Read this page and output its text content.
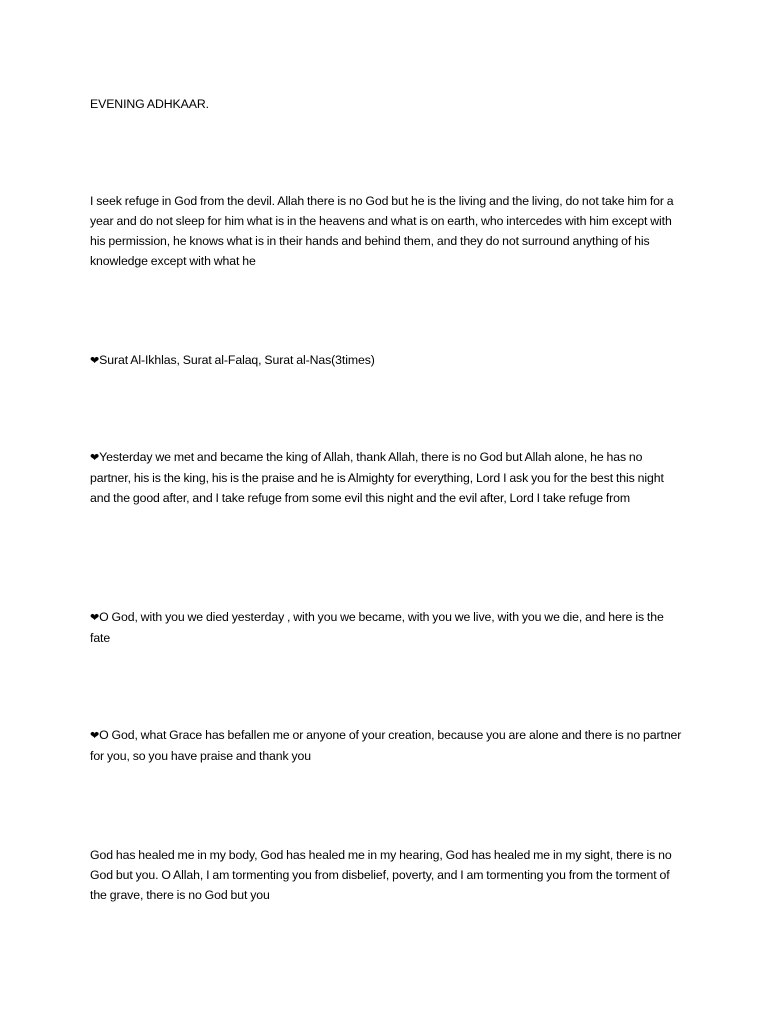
EVENING ADHKAAR.

I seek refuge in God from the devil. Allah there is no God but he is the living and the living, do not take him for a year and do not sleep for him what is in the heavens and what is on earth, who intercedes with him except with his permission, he knows what is in their hands and behind them, and they do not surround anything of his knowledge except with what he

❤Surat Al-Ikhlas, Surat al-Falaq, Surat al-Nas(3times)

❤Yesterday we met and became the king of Allah, thank Allah, there is no God but Allah alone, he has no partner, his is the king, his is the praise and he is Almighty for everything, Lord I ask you for the best this night and the good after, and I take refuge from some evil this night and the evil after, Lord I take refuge from

❤O God, with you we died yesterday , with you we became, with you we live, with you we die, and here is the fate

❤O God, what Grace has befallen me or anyone of your creation, because you are alone and there is no partner for you, so you have praise and thank you

God has healed me in my body, God has healed me in my hearing, God has healed me in my sight, there is no God but you. O Allah, I am tormenting you from disbelief, poverty, and I am tormenting you from the torment of the grave, there is no God but you
